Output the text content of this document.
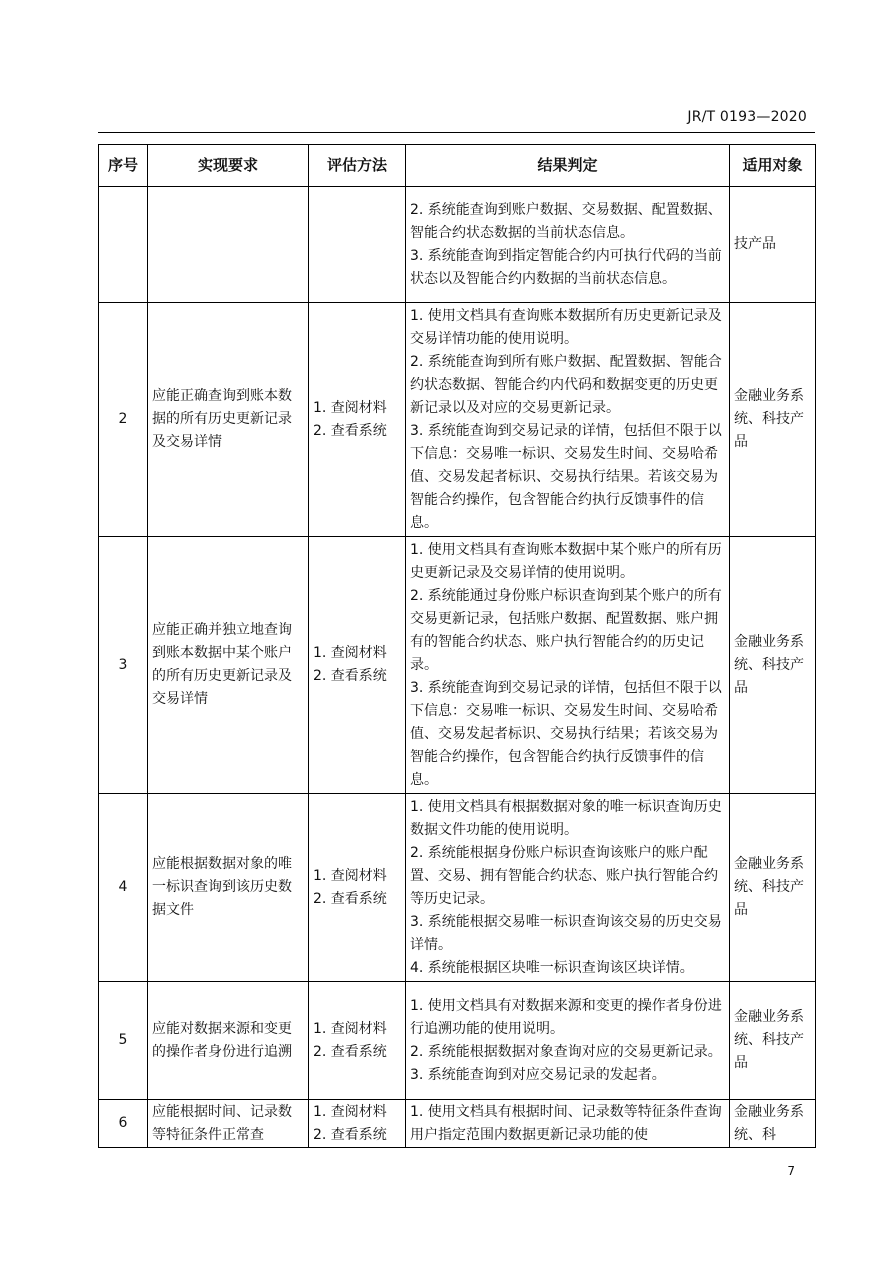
JR/T 0193—2020
序号	实现要求	评估方法	结果判定	适用对象

			2. 系统能查询到账户数据、交易数据、配置数据、智能合约状态数据的当前状态信息。
3. 系统能查询到指定智能合约内可执行代码的当前状态以及智能合约内数据的当前状态信息。	技产品

2	应能正确查询到账本数据的所有历史更新记录及交易详情	1. 查阅材料
2. 查看系统	1. 使用文档具有查询账本数据所有历史更新记录及交易详情功能的使用说明。
2. 系统能查询到所有账户数据、配置数据、智能合约状态数据、智能合约内代码和数据变更的历史更新记录以及对应的交易更新记录。
3. 系统能查询到交易记录的详情，包括但不限于以下信息：交易唯一标识、交易发生时间、交易哈希值、交易发起者标识、交易执行结果。若该交易为智能合约操作，包含智能合约执行反馈事件的信息。	金融业务系统、科技产品

3	应能正确并独立地查询到账本数据中某个账户的所有历史更新记录及交易详情	1. 查阅材料
2. 查看系统	1. 使用文档具有查询账本数据中某个账户的所有历史更新记录及交易详情的使用说明。
2. 系统能通过身份账户标识查询到某个账户的所有交易更新记录，包括账户数据、配置数据、账户拥有的智能合约状态、账户执行智能合约的历史记录。
3. 系统能查询到交易记录的详情，包括但不限于以下信息：交易唯一标识、交易发生时间、交易哈希值、交易发起者标识、交易执行结果；若该交易为智能合约操作，包含智能合约执行反馈事件的信息。	金融业务系统、科技产品

4	应能根据数据对象的唯一标识查询到该历史数据文件	1. 查阅材料
2. 查看系统	1. 使用文档具有根据数据对象的唯一标识查询历史数据文件功能的使用说明。
2. 系统能根据身份账户标识查询该账户的账户配置、交易、拥有智能合约状态、账户执行智能合约等历史记录。
3. 系统能根据交易唯一标识查询该交易的历史交易详情。
4. 系统能根据区块唯一标识查询该区块详情。	金融业务系统、科技产品

5	应能对数据来源和变更的操作者身份进行追溯	1. 查阅材料
2. 查看系统	1. 使用文档具有对数据来源和变更的操作者身份进行追溯功能的使用说明。
2. 系统能根据数据对象查询对应的交易更新记录。
3. 系统能查询到对应交易记录的发起者。	金融业务系统、科技产品

6	应能根据时间、记录数等特征条件正常查	1. 查阅材料
2. 查看系统	1. 使用文档具有根据时间、记录数等特征条件查询用户指定范围内数据更新记录功能的使	金融业务系统、科
7
